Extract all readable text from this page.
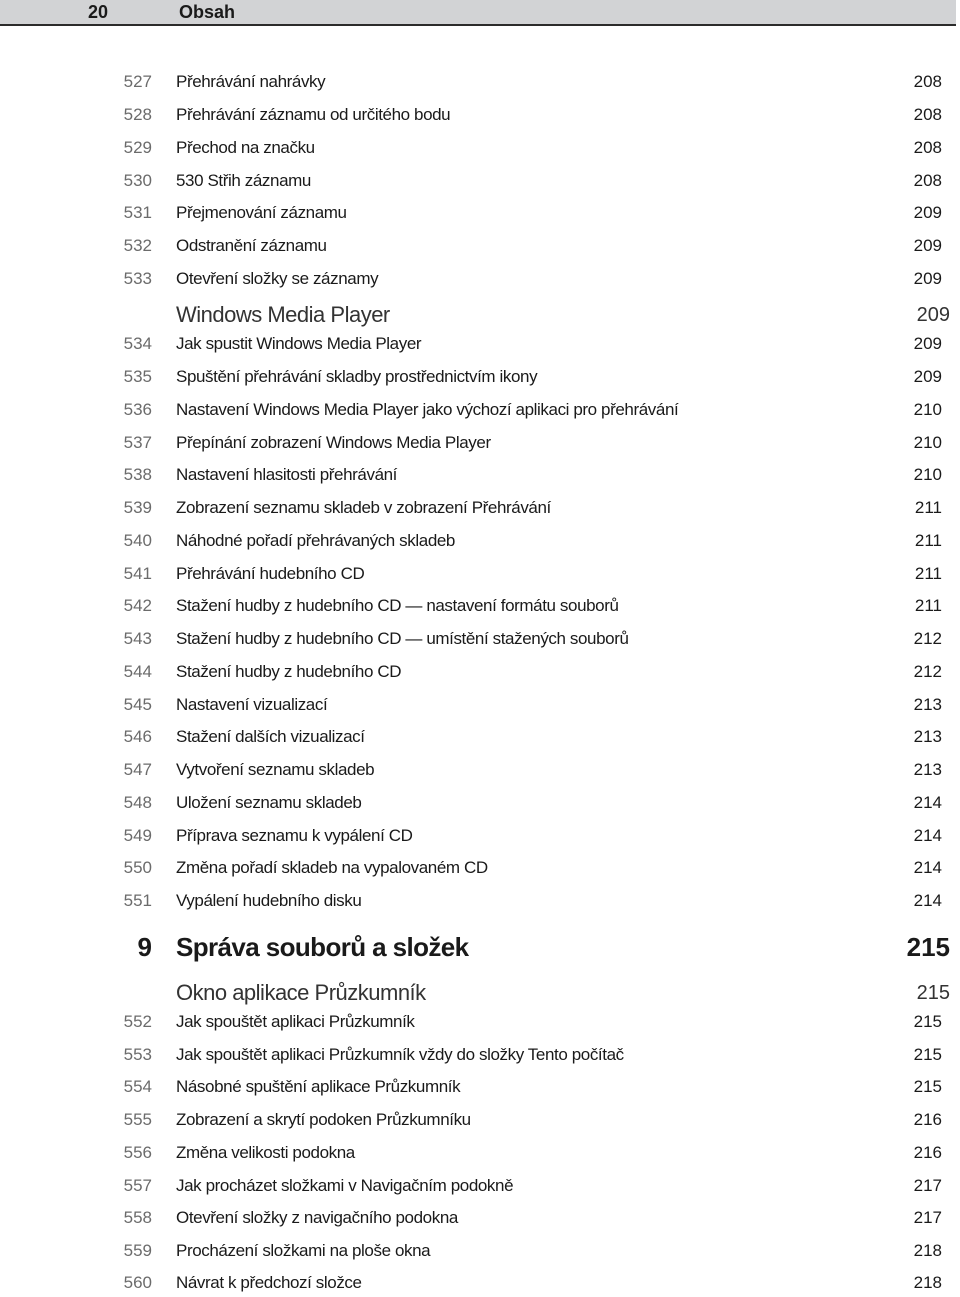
20	Obsah
527 Přehrávání nahrávky	208
528 Přehrávání záznamu od určitého bodu	208
529 Přechod na značku	208
530 530 Střih záznamu	208
531 Přejmenování záznamu	209
532 Odstranění záznamu	209
533 Otevření složky se záznamy	209
Windows Media Player	209
534 Jak spustit Windows Media Player	209
535 Spuštění přehrávání skladby prostřednictvím ikony	209
536 Nastavení Windows Media Player jako výchozí aplikaci pro přehrávání	210
537 Přepínání zobrazení Windows Media Player	210
538 Nastavení hlasitosti přehrávání	210
539 Zobrazení seznamu skladeb v zobrazení Přehrávání	211
540 Náhodné pořadí přehrávaných skladeb	211
541 Přehrávání hudebního CD	211
542 Stažení hudby z hudebního CD — nastavení formátu souborů	211
543 Stažení hudby z hudebního CD — umístění stažených souborů	212
544 Stažení hudby z hudebního CD	212
545 Nastavení vizualizací	213
546 Stažení dalších vizualizací	213
547 Vytvoření seznamu skladeb	213
548 Uložení seznamu skladeb	214
549 Příprava seznamu k vypálení CD	214
550 Změna pořadí skladeb na vypalovaném CD	214
551 Vypálení hudebního disku	214
9 Správa souborů a složek	215
Okno aplikace Průzkumník	215
552 Jak spouštět aplikaci Průzkumník	215
553 Jak spouštět aplikaci Průzkumník vždy do složky Tento počítač	215
554 Násobné spuštění aplikace Průzkumník	215
555 Zobrazení a skrytí podoken Průzkumníku	216
556 Změna velikosti podokna	216
557 Jak procházet složkami v Navigačním podokně	217
558 Otevření složky z navigačního podokna	217
559 Procházení složkami na ploše okna	218
560 Návrat k předchozí složce	218
